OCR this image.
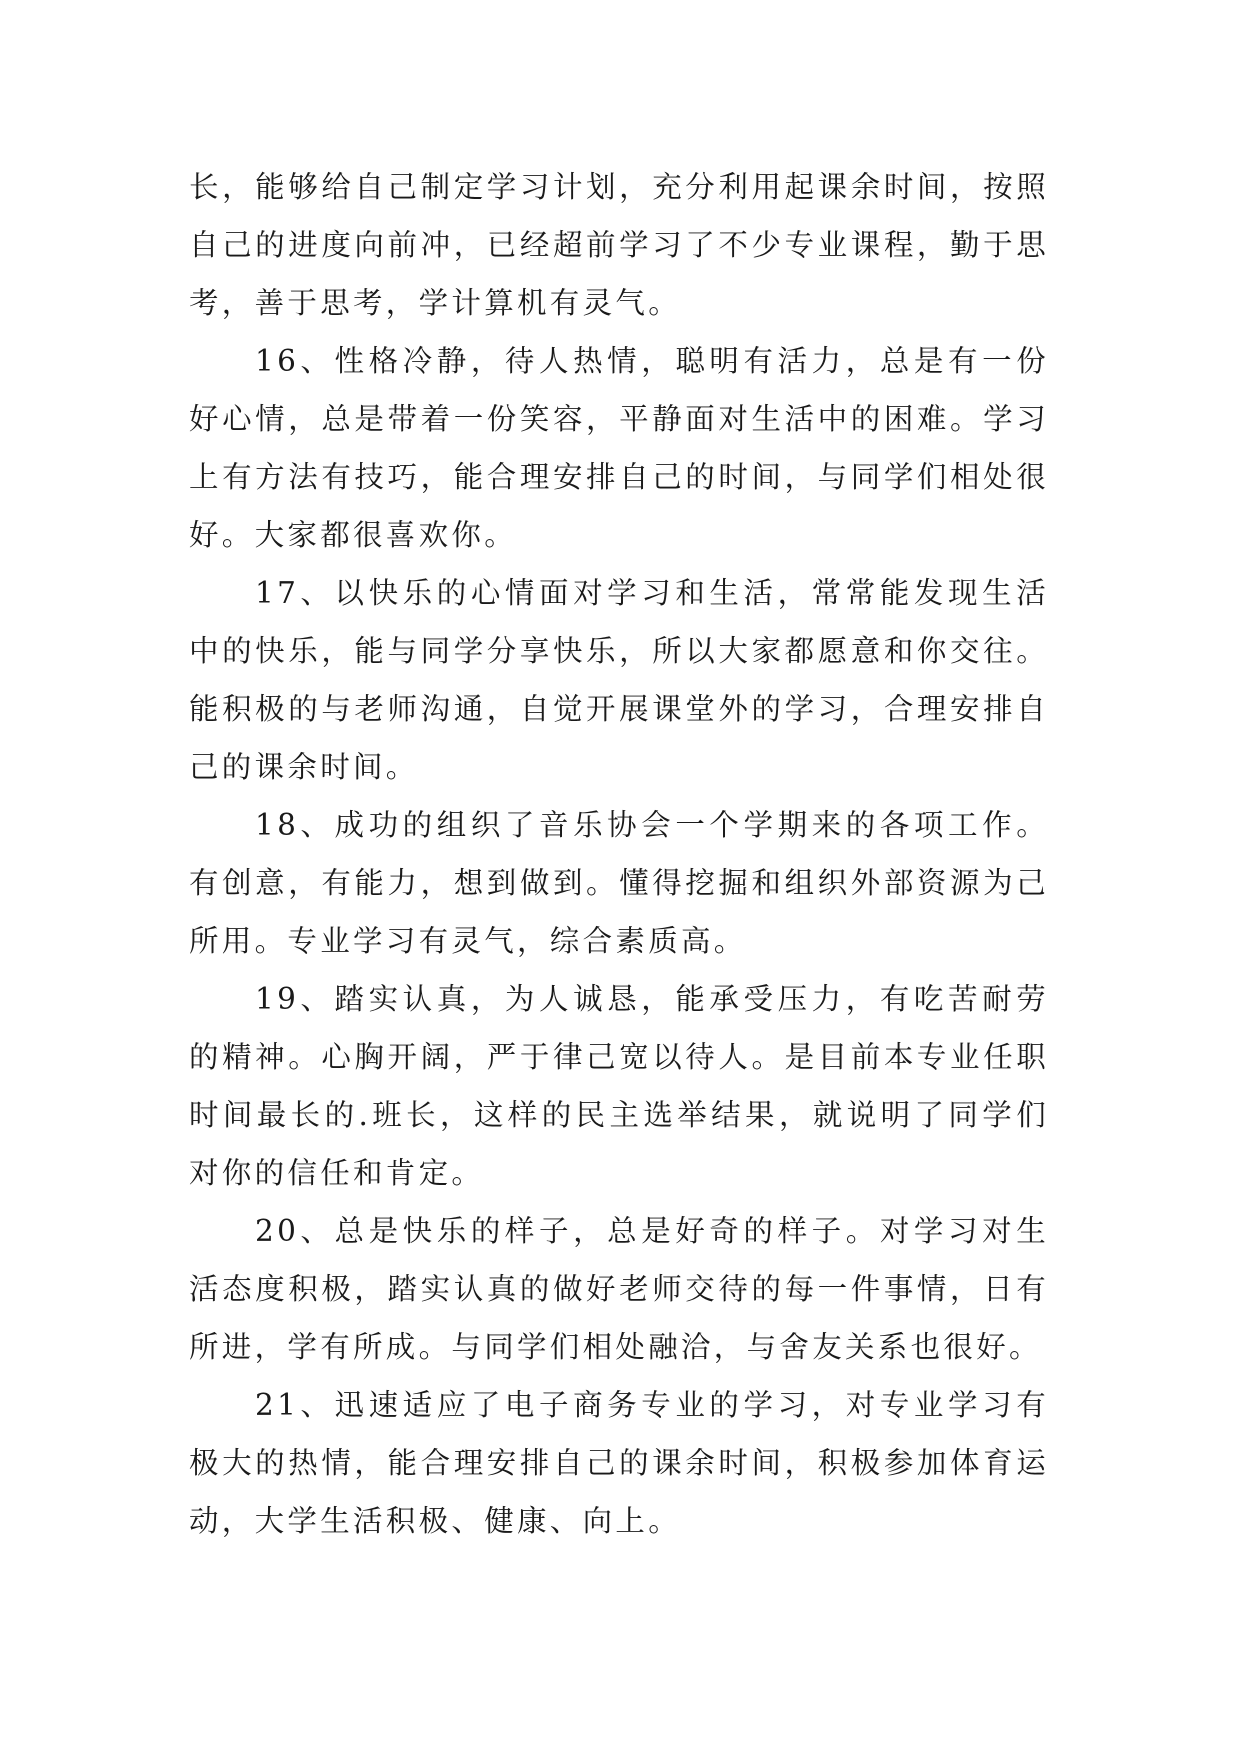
长，能够给自己制定学习计划，充分利用起课余时间，按照自己的进度向前冲，已经超前学习了不少专业课程，勤于思考，善于思考，学计算机有灵气。

16、性格冷静，待人热情，聪明有活力，总是有一份好心情，总是带着一份笑容，平静面对生活中的困难。学习上有方法有技巧，能合理安排自己的时间，与同学们相处很好。大家都很喜欢你。

17、以快乐的心情面对学习和生活，常常能发现生活中的快乐，能与同学分享快乐，所以大家都愿意和你交往。能积极的与老师沟通，自觉开展课堂外的学习，合理安排自己的课余时间。

18、成功的组织了音乐协会一个学期来的各项工作。有创意，有能力，想到做到。懂得挖掘和组织外部资源为己所用。专业学习有灵气，综合素质高。

19、踏实认真，为人诚恳，能承受压力，有吃苦耐劳的精神。心胸开阔，严于律己宽以待人。是目前本专业任职时间最长的.班长，这样的民主选举结果，就说明了同学们对你的信任和肯定。

20、总是快乐的样子，总是好奇的样子。对学习对生活态度积极，踏实认真的做好老师交待的每一件事情，日有所进，学有所成。与同学们相处融洽，与舍友关系也很好。

21、迅速适应了电子商务专业的学习，对专业学习有极大的热情，能合理安排自己的课余时间，积极参加体育运动，大学生活积极、健康、向上。
